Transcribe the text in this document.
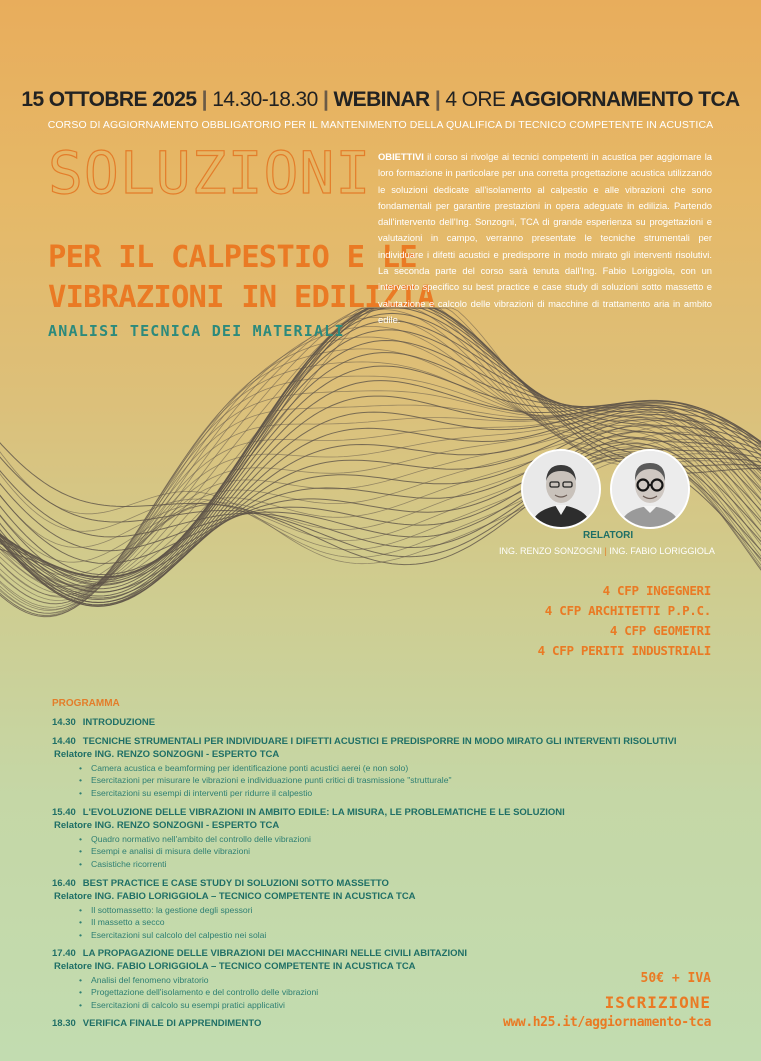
15 OTTOBRE 2025 | 14.30-18.30 | WEBINAR | 4 ORE AGGIORNAMENTO TCA
CORSO DI AGGIORNAMENTO OBBLIGATORIO PER IL MANTENIMENTO DELLA QUALIFICA DI TECNICO COMPETENTE IN ACUSTICA
SOLUZIONI
PER IL CALPESTIO E LE
VIBRAZIONI IN EDILIZIA
ANALISI TECNICA DEI MATERIALI
OBIETTIVI il corso si rivolge ai tecnici competenti in acustica per aggiornare la loro formazione in particolare per una corretta progettazione acustica utilizzando le soluzioni dedicate all'isolamento al calpestio e alle vibrazioni che sono fondamentali per garantire prestazioni in opera adeguate in edilizia. Partendo dall'intervento dell'Ing. Sonzogni, TCA di grande esperienza su progettazioni e valutazioni in campo, verranno presentate le tecniche strumentali per individuare i difetti acustici e predisporre in modo mirato gli interventi risolutivi. La seconda parte del corso sarà tenuta dall'Ing. Fabio Loriggiola, con un intervento specifico su best practice e case study di soluzioni sotto massetto e valutazione e calcolo delle vibrazioni di macchine di trattamento aria in ambito edile.
RELATORI
ING. RENZO SONZOGNI | ING. FABIO LORIGGIOLA
4 CFP INGEGNERI
4 CFP ARCHITETTI P.P.C.
4 CFP GEOMETRI
4 CFP PERITI INDUSTRIALI
PROGRAMMA
14.30 INTRODUZIONE
14.40 TECNICHE STRUMENTALI PER INDIVIDUARE I DIFETTI ACUSTICI E PREDISPORRE IN MODO MIRATO GLI INTERVENTI RISOLUTIVI
Relatore ING. RENZO SONZOGNI - ESPERTO TCA
• Camera acustica e beamforming per identificazione ponti acustici aerei (e non solo)
• Esercitazioni per misurare le vibrazioni e individuazione punti critici di trasmissione "strutturale"
• Esercitazioni su esempi di interventi per ridurre il calpestio
15.40 L'EVOLUZIONE DELLE VIBRAZIONI IN AMBITO EDILE: LA MISURA, LE PROBLEMATICHE E LE SOLUZIONI
Relatore ING. RENZO SONZOGNI - ESPERTO TCA
• Quadro normativo nell'ambito del controllo delle vibrazioni
• Esempi e analisi di misura delle vibrazioni
• Casistiche ricorrenti
16.40 BEST PRACTICE E CASE STUDY DI SOLUZIONI SOTTO MASSETTO
Relatore ING. FABIO LORIGGIOLA – TECNICO COMPETENTE IN ACUSTICA TCA
• Il sottomassetto: la gestione degli spessori
• Il massetto a secco
• Esercitazioni sul calcolo del calpestio nei solai
17.40 LA PROPAGAZIONE DELLE VIBRAZIONI DEI MACCHINARI NELLE CIVILI ABITAZIONI
Relatore ING. FABIO LORIGGIOLA – TECNICO COMPETENTE IN ACUSTICA TCA
• Analisi del fenomeno vibratorio
• Progettazione dell'isolamento e del controllo delle vibrazioni
• Esercitazioni di calcolo su esempi pratici applicativi
18.30 VERIFICA FINALE DI APPRENDIMENTO
50€ + IVA
ISCRIZIONE
www.h25.it/aggiornamento-tca
